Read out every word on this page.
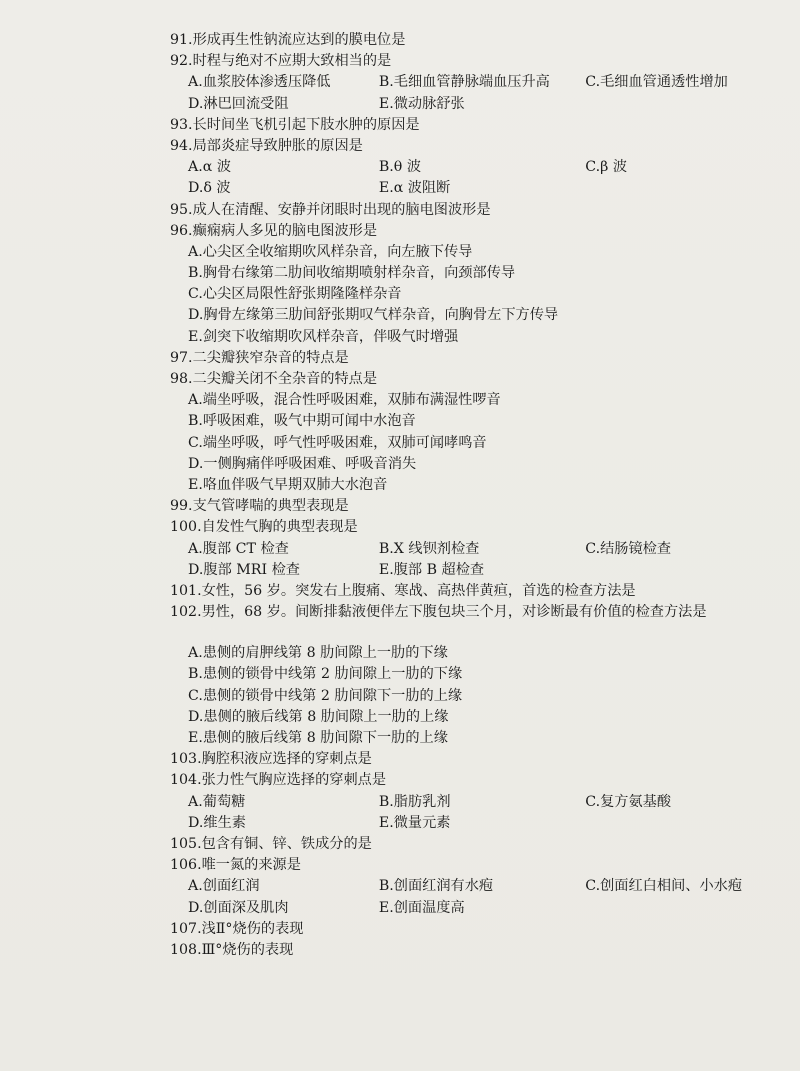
91.形成再生性钠流应达到的膜电位是
92.时程与绝对不应期大致相当的是
A.血浆胶体渗透压降低	B.毛细血管静脉端血压升高	C.毛细血管通透性增加
D.淋巴回流受阻	E.微动脉舒张
93.长时间坐飞机引起下肢水肿的原因是
94.局部炎症导致肿胀的原因是
A.α 波	B.θ 波	C.β 波
D.δ 波	E.α 波阻断
95.成人在清醒、安静并闭眼时出现的脑电图波形是
96.癫痫病人多见的脑电图波形是
A.心尖区全收缩期吹风样杂音，向左腋下传导
B.胸骨右缘第二肋间收缩期喷射样杂音，向颈部传导
C.心尖区局限性舒张期隆隆样杂音
D.胸骨左缘第三肋间舒张期叹气样杂音，向胸骨左下方传导
E.剑突下收缩期吹风样杂音，伴吸气时增强
97.二尖瓣狭窄杂音的特点是
98.二尖瓣关闭不全杂音的特点是
A.端坐呼吸，混合性呼吸困难，双肺布满湿性啰音
B.呼吸困难，吸气中期可闻中水泡音
C.端坐呼吸，呼气性呼吸困难，双肺可闻哮鸣音
D.一侧胸痛伴呼吸困难、呼吸音消失
E.咯血伴吸气早期双肺大水泡音
99.支气管哮喘的典型表现是
100.自发性气胸的典型表现是
A.腹部 CT 检查	B.X 线钡剂检查	C.结肠镜检查
D.腹部 MRI 检查	E.腹部 B 超检查
101.女性，56 岁。突发右上腹痛、寒战、高热伴黄疸，首选的检查方法是
102.男性，68 岁。间断排黏液便伴左下腹包块三个月，对诊断最有价值的检查方法是
A.患侧的肩胛线第 8 肋间隙上一肋的下缘
B.患侧的锁骨中线第 2 肋间隙上一肋的下缘
C.患侧的锁骨中线第 2 肋间隙下一肋的上缘
D.患侧的腋后线第 8 肋间隙上一肋的上缘
E.患侧的腋后线第 8 肋间隙下一肋的上缘
103.胸腔积液应选择的穿刺点是
104.张力性气胸应选择的穿刺点是
A.葡萄糖	B.脂肪乳剂	C.复方氨基酸
D.维生素	E.微量元素
105.包含有铜、锌、铁成分的是
106.唯一氮的来源是
A.创面红润	B.创面红润有水疱	C.创面红白相间、小水疱
D.创面深及肌肉	E.创面温度高
107.浅Ⅱ°烧伤的表现
108.Ⅲ°烧伤的表现
